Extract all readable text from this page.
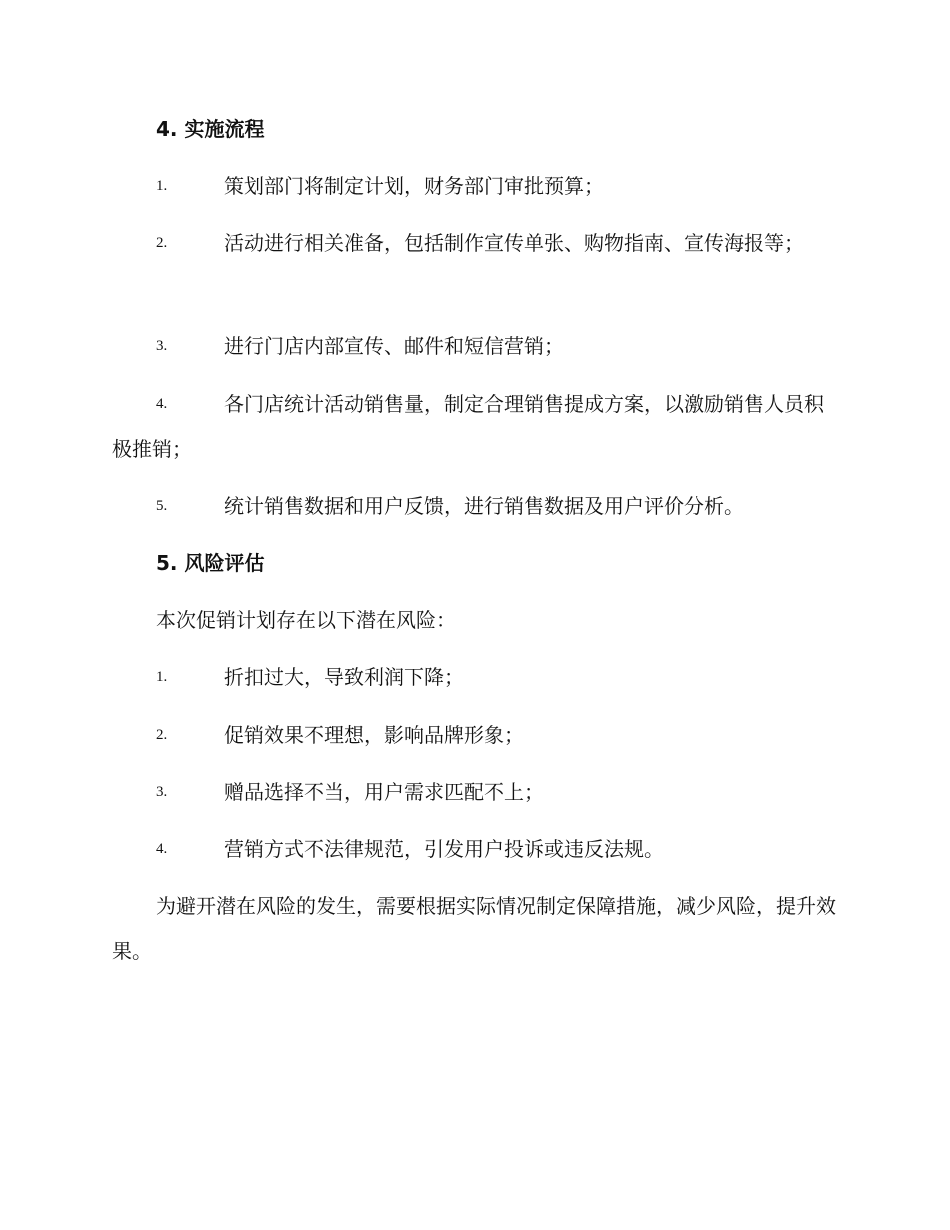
4. 实施流程
1.	策划部门将制定计划，财务部门审批预算；
2.	活动进行相关准备，包括制作宣传单张、购物指南、宣传海报等；
3.	进行门店内部宣传、邮件和短信营销；
4.	各门店统计活动销售量，制定合理销售提成方案，以激励销售人员积极推销；
5.	统计销售数据和用户反馈，进行销售数据及用户评价分析。
5. 风险评估
本次促销计划存在以下潜在风险：
1.	折扣过大，导致利润下降；
2.	促销效果不理想，影响品牌形象；
3.	赠品选择不当，用户需求匹配不上；
4.	营销方式不法律规范，引发用户投诉或违反法规。
为避开潜在风险的发生，需要根据实际情况制定保障措施，减少风险，提升效果。
